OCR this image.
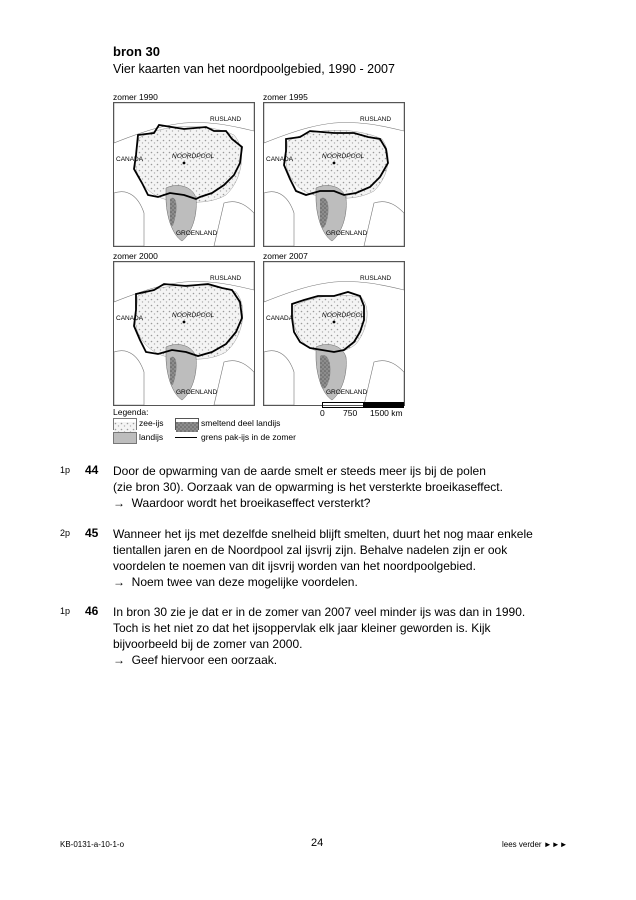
bron 30
Vier kaarten van het noordpoolgebied, 1990 - 2007
zomer 1990	zomer 1995
zomer 2000	zomer 2007
RUSLAND
CANADA	NOORDPOOL
GROENLAND
RUSLAND
CANADA	NOORDPOOL
GROENLAND
RUSLAND
CANADA	NOORDPOOL
GROENLAND
RUSLAND
CANADA	NOORDPOOL
GROENLAND
Legenda:
zee-ijs	smeltend deel landijs
landijs	grens pak-ijs in de zomer
0 750 1500 km
1p 44 Door de opwarming van de aarde smelt er steeds meer ijs bij de polen

(zie bron 30). Oorzaak van de opwarming is het versterkte broeikaseffect.

→ Waardoor wordt het broeikaseffect versterkt?

2p 45 Wanneer het ijs met dezelfde snelheid blijft smelten, duurt het nog maar enkele

tientallen jaren en de Noordpool zal ijsvrij zijn. Behalve nadelen zijn er ook

voordelen te noemen van dit ijsvrij worden van het noordpoolgebied.

→ Noem twee van deze mogelijke voordelen.

1p 46 In bron 30 zie je dat er in de zomer van 2007 veel minder ijs was dan in 1990.

Toch is het niet zo dat het ijsoppervlak elk jaar kleiner geworden is. Kijk

bijvoorbeeld bij de zomer van 2000.

→ Geef hiervoor een oorzaak.

KB-0131-a-10-1-o	24	lees verder ►►►
